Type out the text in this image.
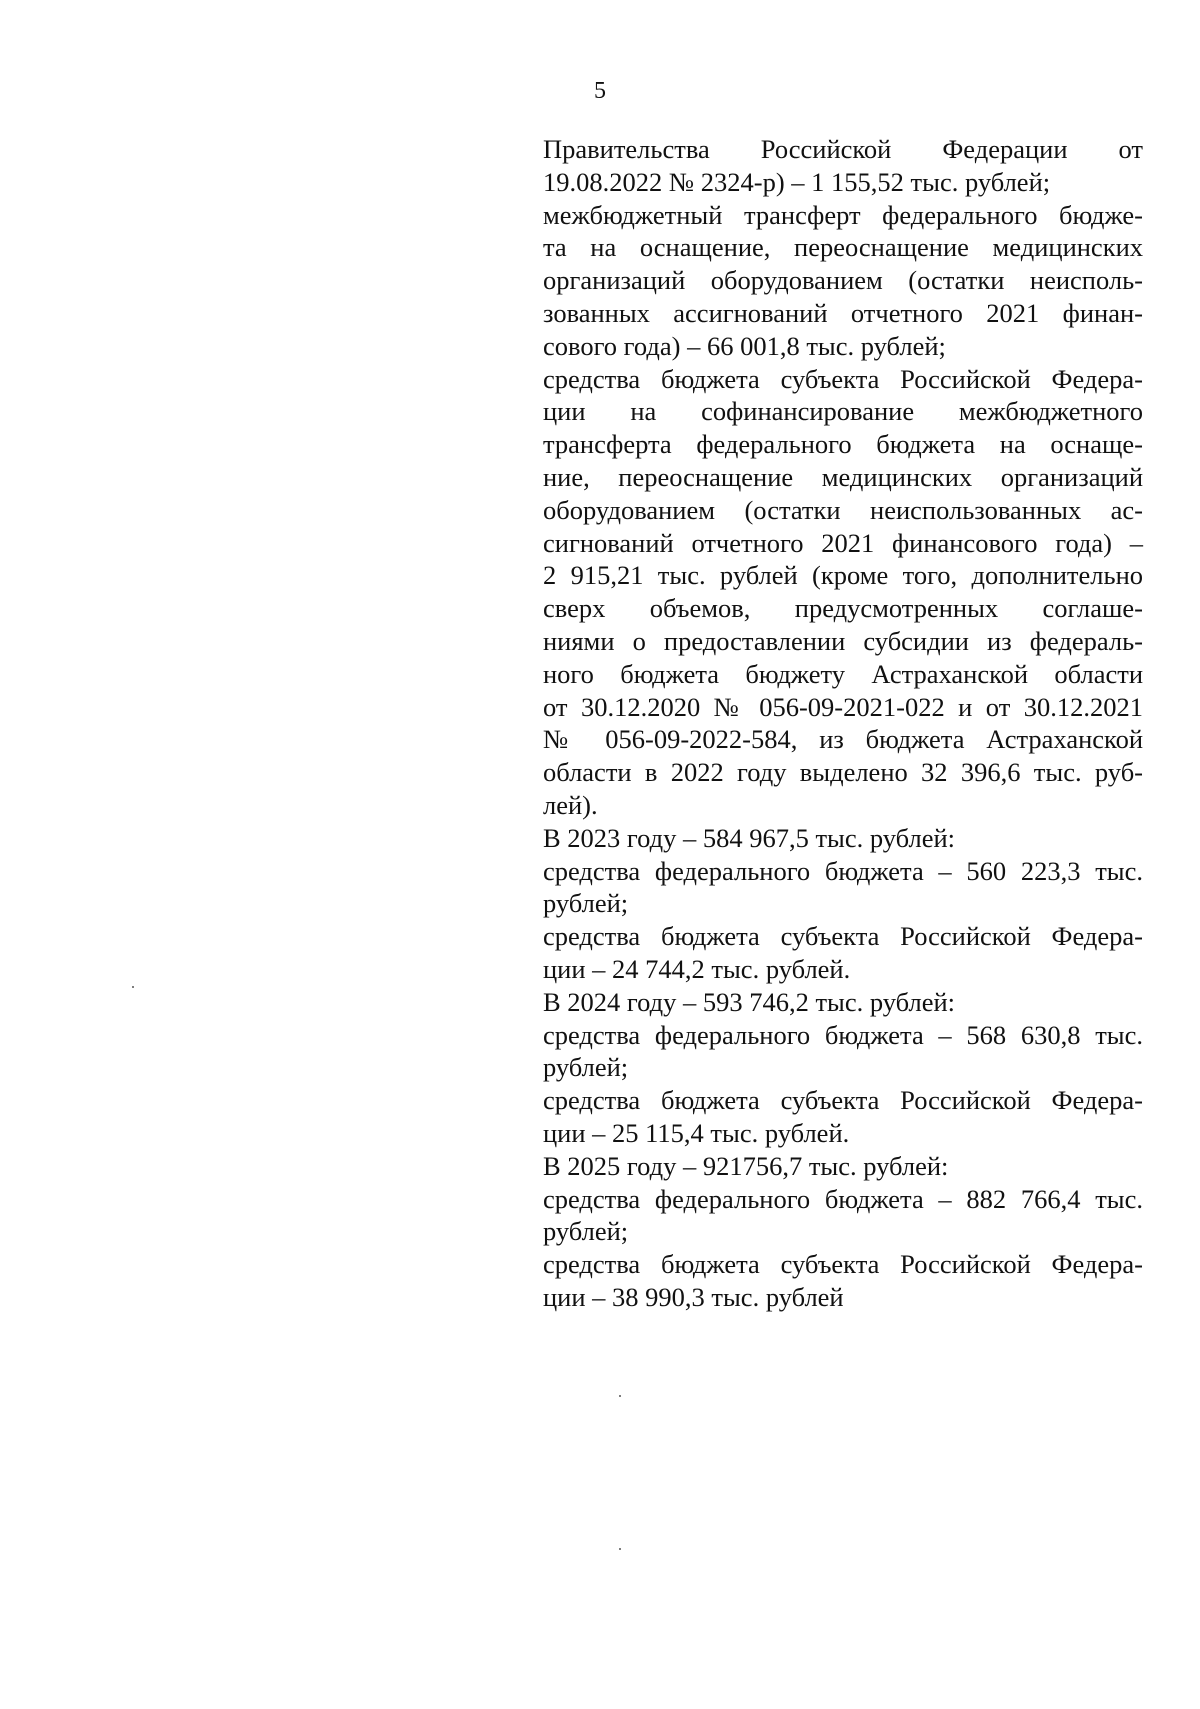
5
Правительства Российской Федерации от
19.08.2022 № 2324-р) – 1 155,52 тыс. рублей;
межбюджетный трансферт федерального бюдже-
та на оснащение, переоснащение медицинских
организаций оборудованием (остатки неисполь-
зованных ассигнований отчетного 2021 финан-
сового года) – 66 001,8 тыс. рублей;
средства бюджета субъекта Российской Федера-
ции на софинансирование межбюджетного
трансферта федерального бюджета на оснаще-
ние, переоснащение медицинских организаций
оборудованием (остатки неиспользованных ас-
сигнований отчетного 2021 финансового года) –
2 915,21 тыс. рублей (кроме того, дополнительно
сверх объемов, предусмотренных соглаше-
ниями о предоставлении субсидии из федераль-
ного бюджета бюджету Астраханской области
от 30.12.2020 № 056-09-2021-022 и от 30.12.2021
№ 056-09-2022-584, из бюджета Астраханской
области в 2022 году выделено 32 396,6 тыс. руб-
лей).
В 2023 году – 584 967,5 тыс. рублей:
средства федерального бюджета – 560 223,3 тыс.
рублей;
средства бюджета субъекта Российской Федера-
ции – 24 744,2 тыс. рублей.
В 2024 году – 593 746,2 тыс. рублей:
средства федерального бюджета – 568 630,8 тыс.
рублей;
средства бюджета субъекта Российской Федера-
ции – 25 115,4 тыс. рублей.
В 2025 году – 921756,7 тыс. рублей:
средства федерального бюджета – 882 766,4 тыс.
рублей;
средства бюджета субъекта Российской Федера-
ции – 38 990,3 тыс. рублей
